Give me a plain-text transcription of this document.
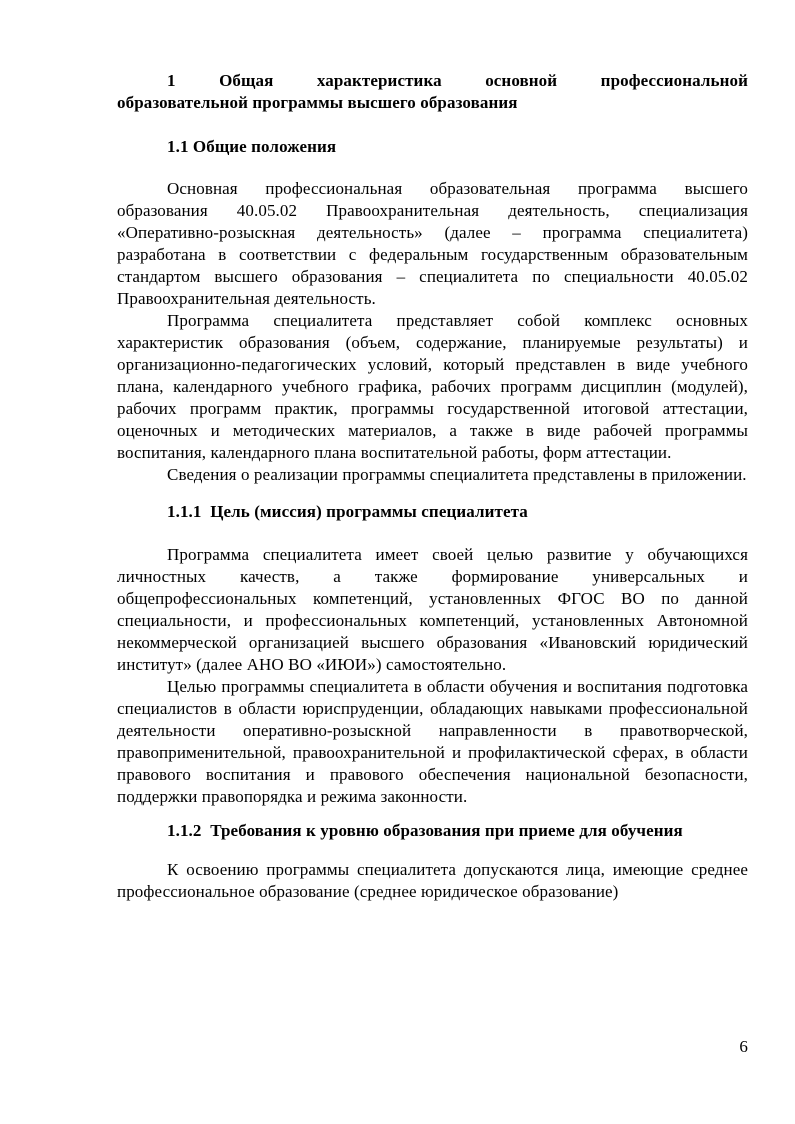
1 Общая характеристика основной профессиональной
образовательной программы высшего образования
1.1 Общие положения

Основная профессиональная образовательная программа высшего образования 40.05.02 Правоохранительная деятельность, специализация «Оперативно-розыскная деятельность» (далее – программа специалитета) разработана в соответствии с федеральным государственным образовательным стандартом высшего образования – специалитета по специальности 40.05.02 Правоохранительная деятельность.

Программа специалитета представляет собой комплекс основных характеристик образования (объем, содержание, планируемые результаты) и организационно-педагогических условий, который представлен в виде учебного плана, календарного учебного графика, рабочих программ дисциплин (модулей), рабочих программ практик, программы государственной итоговой аттестации, оценочных и методических материалов, а также в виде рабочей программы воспитания, календарного плана воспитательной работы, форм аттестации.

Сведения о реализации программы специалитета представлены в приложении.

1.1.1  Цель (миссия) программы специалитета

Программа специалитета имеет своей целью развитие у обучающихся личностных качеств, а также формирование универсальных и общепрофессиональных компетенций, установленных ФГОС ВО по данной специальности, и профессиональных компетенций, установленных Автономной некоммерческой организацией высшего образования «Ивановский юридический институт» (далее АНО ВО «ИЮИ») самостоятельно.

Целью программы специалитета в области обучения и воспитания подготовка специалистов в области юриспруденции, обладающих навыками профессиональной деятельности оперативно-розыскной направленности в правотворческой, правоприменительной, правоохранительной и профилактической сферах, в области правового воспитания и правового обеспечения национальной безопасности, поддержки правопорядка и режима законности.

1.1.2  Требования к уровню образования при приеме для обучения

К освоению программы специалитета допускаются лица, имеющие среднее профессиональное образование (среднее юридическое образование)

6
